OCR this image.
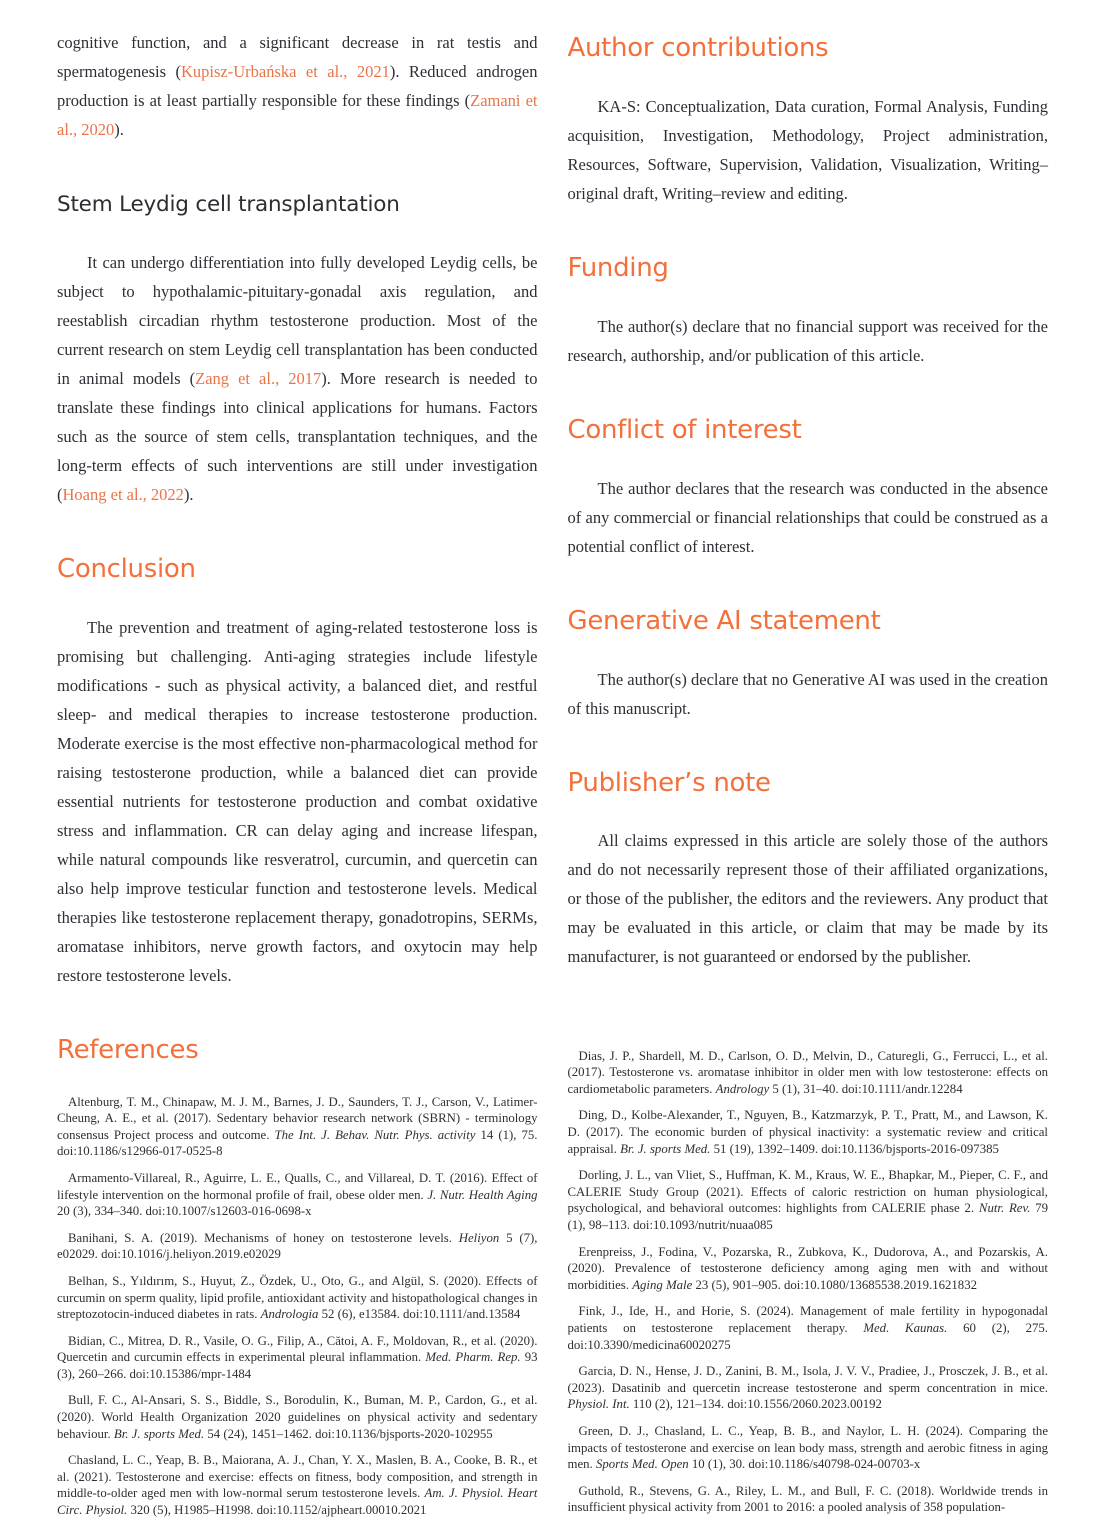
cognitive function, and a significant decrease in rat testis and spermatogenesis (Kupisz-Urbańska et al., 2021). Reduced androgen production is at least partially responsible for these findings (Zamani et al., 2020).

Stem Leydig cell transplantation

It can undergo differentiation into fully developed Leydig cells, be subject to hypothalamic-pituitary-gonadal axis regulation, and reestablish circadian rhythm testosterone production. Most of the current research on stem Leydig cell transplantation has been conducted in animal models (Zang et al., 2017). More research is needed to translate these findings into clinical applications for humans. Factors such as the source of stem cells, transplantation techniques, and the long-term effects of such interventions are still under investigation (Hoang et al., 2022).

Conclusion

The prevention and treatment of aging-related testosterone loss is promising but challenging. Anti-aging strategies include lifestyle modifications - such as physical activity, a balanced diet, and restful sleep- and medical therapies to increase testosterone production. Moderate exercise is the most effective non-pharmacological method for raising testosterone production, while a balanced diet can provide essential nutrients for testosterone production and combat oxidative stress and inflammation. CR can delay aging and increase lifespan, while natural compounds like resveratrol, curcumin, and quercetin can also help improve testicular function and testosterone levels. Medical therapies like testosterone replacement therapy, gonadotropins, SERMs, aromatase inhibitors, nerve growth factors, and oxytocin may help restore testosterone levels.

Author contributions

KA-S: Conceptualization, Data curation, Formal Analysis, Funding acquisition, Investigation, Methodology, Project administration, Resources, Software, Supervision, Validation, Visualization, Writing–original draft, Writing–review and editing.

Funding

The author(s) declare that no financial support was received for the research, authorship, and/or publication of this article.

Conflict of interest

The author declares that the research was conducted in the absence of any commercial or financial relationships that could be construed as a potential conflict of interest.

Generative AI statement

The author(s) declare that no Generative AI was used in the creation of this manuscript.

Publisher’s note

All claims expressed in this article are solely those of the authors and do not necessarily represent those of their affiliated organizations, or those of the publisher, the editors and the reviewers. Any product that may be evaluated in this article, or claim that may be made by its manufacturer, is not guaranteed or endorsed by the publisher.

References

Altenburg, T. M., Chinapaw, M. J. M., Barnes, J. D., Saunders, T. J., Carson, V., Latimer-Cheung, A. E., et al. (2017). Sedentary behavior research network (SBRN) - terminology consensus Project process and outcome. The Int. J. Behav. Nutr. Phys. activity 14 (1), 75. doi:10.1186/s12966-017-0525-8

Armamento-Villareal, R., Aguirre, L. E., Qualls, C., and Villareal, D. T. (2016). Effect of lifestyle intervention on the hormonal profile of frail, obese older men. J. Nutr. Health Aging 20 (3), 334–340. doi:10.1007/s12603-016-0698-x

Banihani, S. A. (2019). Mechanisms of honey on testosterone levels. Heliyon 5 (7), e02029. doi:10.1016/j.heliyon.2019.e02029

Belhan, S., Yıldırım, S., Huyut, Z., Özdek, U., Oto, G., and Algül, S. (2020). Effects of curcumin on sperm quality, lipid profile, antioxidant activity and histopathological changes in streptozotocin-induced diabetes in rats. Andrologia 52 (6), e13584. doi:10.1111/and.13584

Bidian, C., Mitrea, D. R., Vasile, O. G., Filip, A., Cătoi, A. F., Moldovan, R., et al. (2020). Quercetin and curcumin effects in experimental pleural inflammation. Med. Pharm. Rep. 93 (3), 260–266. doi:10.15386/mpr-1484

Bull, F. C., Al-Ansari, S. S., Biddle, S., Borodulin, K., Buman, M. P., Cardon, G., et al. (2020). World Health Organization 2020 guidelines on physical activity and sedentary behaviour. Br. J. sports Med. 54 (24), 1451–1462. doi:10.1136/bjsports-2020-102955

Chasland, L. C., Yeap, B. B., Maiorana, A. J., Chan, Y. X., Maslen, B. A., Cooke, B. R., et al. (2021). Testosterone and exercise: effects on fitness, body composition, and strength in middle-to-older aged men with low-normal serum testosterone levels. Am. J. Physiol. Heart Circ. Physiol. 320 (5), H1985–H1998. doi:10.1152/ajpheart.00010.2021

Dias, J. P., Shardell, M. D., Carlson, O. D., Melvin, D., Caturegli, G., Ferrucci, L., et al. (2017). Testosterone vs. aromatase inhibitor in older men with low testosterone: effects on cardiometabolic parameters. Andrology 5 (1), 31–40. doi:10.1111/andr.12284

Ding, D., Kolbe-Alexander, T., Nguyen, B., Katzmarzyk, P. T., Pratt, M., and Lawson, K. D. (2017). The economic burden of physical inactivity: a systematic review and critical appraisal. Br. J. sports Med. 51 (19), 1392–1409. doi:10.1136/bjsports-2016-097385

Dorling, J. L., van Vliet, S., Huffman, K. M., Kraus, W. E., Bhapkar, M., Pieper, C. F., and CALERIE Study Group (2021). Effects of caloric restriction on human physiological, psychological, and behavioral outcomes: highlights from CALERIE phase 2. Nutr. Rev. 79 (1), 98–113. doi:10.1093/nutrit/nuaa085

Erenpreiss, J., Fodina, V., Pozarska, R., Zubkova, K., Dudorova, A., and Pozarskis, A. (2020). Prevalence of testosterone deficiency among aging men with and without morbidities. Aging Male 23 (5), 901–905. doi:10.1080/13685538.2019.1621832

Fink, J., Ide, H., and Horie, S. (2024). Management of male fertility in hypogonadal patients on testosterone replacement therapy. Med. Kaunas. 60 (2), 275. doi:10.3390/medicina60020275

Garcia, D. N., Hense, J. D., Zanini, B. M., Isola, J. V. V., Pradiee, J., Prosczek, J. B., et al. (2023). Dasatinib and quercetin increase testosterone and sperm concentration in mice. Physiol. Int. 110 (2), 121–134. doi:10.1556/2060.2023.00192

Green, D. J., Chasland, L. C., Yeap, B. B., and Naylor, L. H. (2024). Comparing the impacts of testosterone and exercise on lean body mass, strength and aerobic fitness in aging men. Sports Med. Open 10 (1), 30. doi:10.1186/s40798-024-00703-x

Guthold, R., Stevens, G. A., Riley, L. M., and Bull, F. C. (2018). Worldwide trends in insufficient physical activity from 2001 to 2016: a pooled analysis of 358 population-
